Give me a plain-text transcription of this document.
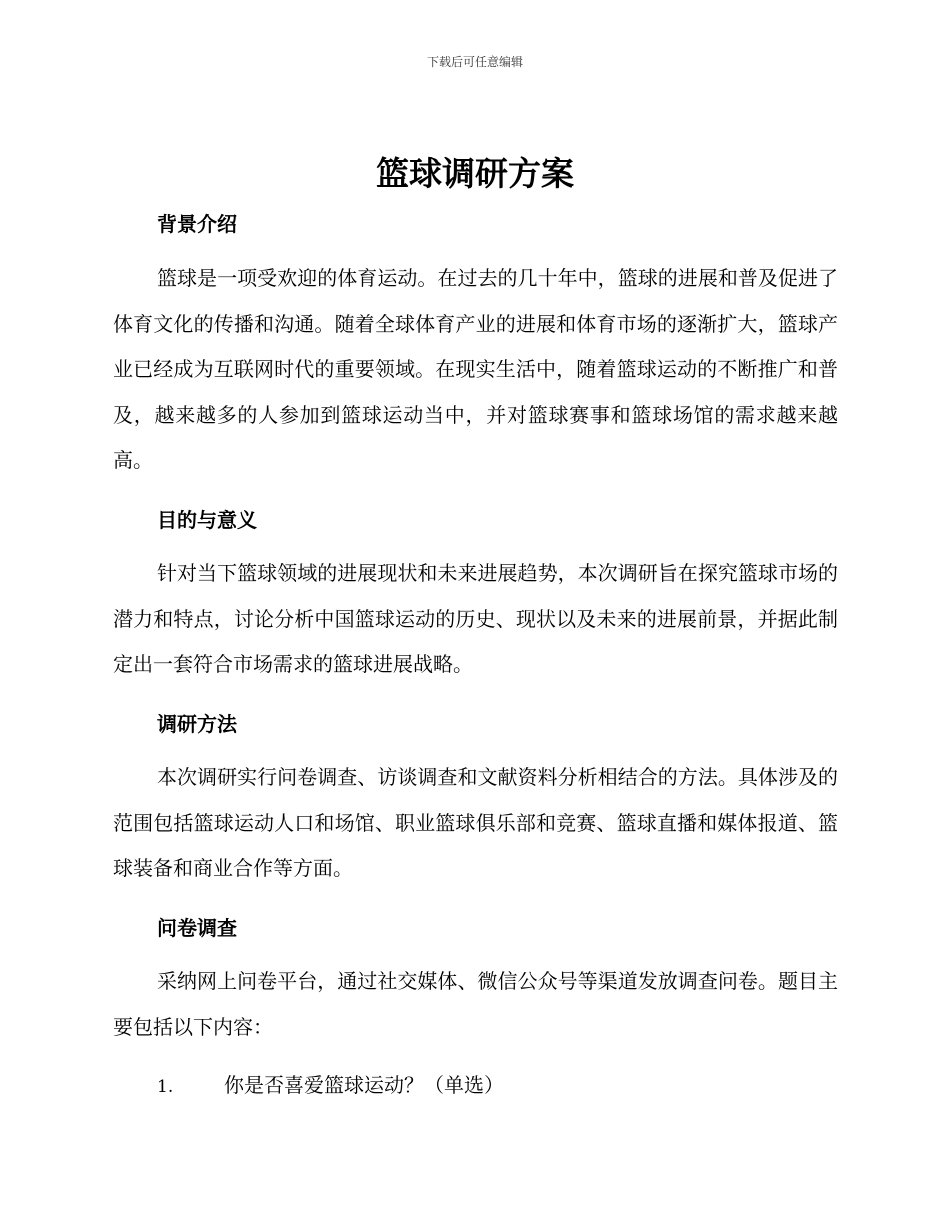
下载后可任意编辑
篮球调研方案
背景介绍

篮球是一项受欢迎的体育运动。在过去的几十年中，篮球的进展和普及促进了体育文化的传播和沟通。随着全球体育产业的进展和体育市场的逐渐扩大，篮球产业已经成为互联网时代的重要领域。在现实生活中，随着篮球运动的不断推广和普及，越来越多的人参加到篮球运动当中，并对篮球赛事和篮球场馆的需求越来越高。

目的与意义

针对当下篮球领域的进展现状和未来进展趋势，本次调研旨在探究篮球市场的潜力和特点，讨论分析中国篮球运动的历史、现状以及未来的进展前景，并据此制定出一套符合市场需求的篮球进展战略。

调研方法

本次调研实行问卷调查、访谈调查和文献资料分析相结合的方法。具体涉及的范围包括篮球运动人口和场馆、职业篮球俱乐部和竞赛、篮球直播和媒体报道、篮球装备和商业合作等方面。

问卷调查

采纳网上问卷平台，通过社交媒体、微信公众号等渠道发放调查问卷。题目主要包括以下内容：

1.	你是否喜爱篮球运动？（单选）
